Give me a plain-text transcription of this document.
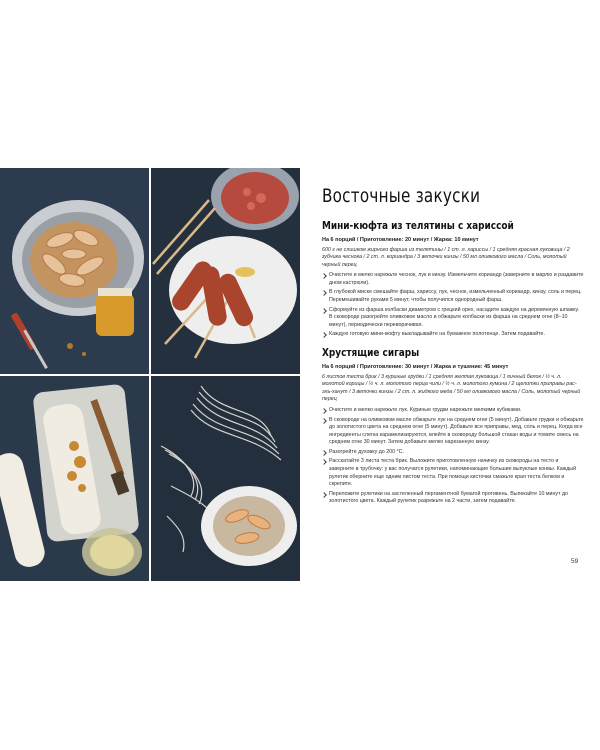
Восточные закуски
Мини-кюфта из телятины с хариссой
На 6 порций / Приготовление: 20 минут / Жарка: 10 минут
600 г не слишком жирного фарша из телятины / 1 ст. л. хариссы / 1 средняя красная луковица / 2 зубчика чеснока / 2 ст. л. кориандра / 3 веточки кинзы / 50 мл оливкового масла / Соль, молотый черный перец
Очистите и мелко нарежьте чеснок, лук и кинзу. Измельчите кориандр (заверните в марлю и раздавите дном кастрюли).
В глубокой миске смешайте фарш, хариссу, лук, чеснок, измельченный кориандр, кинзу, соль и перец. Перемешивайте руками 5 минут, чтобы получился однородный фарш.
Сформуйте из фарша колбаски диаметром с грецкий орех, насадите каждую на деревянную шпажку. В сковороде разогрейте оливковое масло и обжарьте колбаски из фарша на среднем огне (8–10 минут), периодически переворачивая.
Каждую готовую мини-кюфту выкладывайте на бумажное полотенце. Затем подавайте.
Хрустящие сигары
На 6 порций / Приготовление: 30 минут / Жарка и тушение: 45 минут
6 листов теста брик / 3 куриные грудки / 1 средняя желтая луковица / 1 яичный белок / ½ ч. л. молотой корицы / ½ ч. л. молотого перца чили / ½ ч. л. молотого кумина / 2 щепотки приправы рас-эль-ханут / 3 веточки кинзы / 2 ст. л. жидкого меда / 50 мл оливкового масла / Соль, молотый черный перец
Очистите и мелко нарежьте лук. Куриные грудки нарежьте мелкими кубиками.
В сковороде на оливковом масле обжарьте лук на среднем огне (5 минут). Добавьте грудки и обжарьте до золотистого цвета на среднем огне (5 минут). Добавьте все приправы, мед, соль и перец. Когда все ингредиенты слегка карамелизируются, влейте в сковороду большой стакан воды и томите смесь на среднем огне 30 минут. Затем добавьте мелко нарезанную кинзу.
Разогрейте духовку до 200 °С.
Расскатайте 3 листа теста брик. Выложите приготовленную начинку из сковороды на тесто и заверните в трубочку: у вас получатся рулетики, напоминающие большие выпуклые конвы. Каждый рулетик оберните еще одним листом теста. При помощи кисточки смажьте края теста белком и скрепите.
Переложите рулетики на застеленный пергаментной бумагой противень. Выпекайте 10 минут до золотистого цвета. Каждый рулетик разрежьте на 2 части, затем подавайте.
59
